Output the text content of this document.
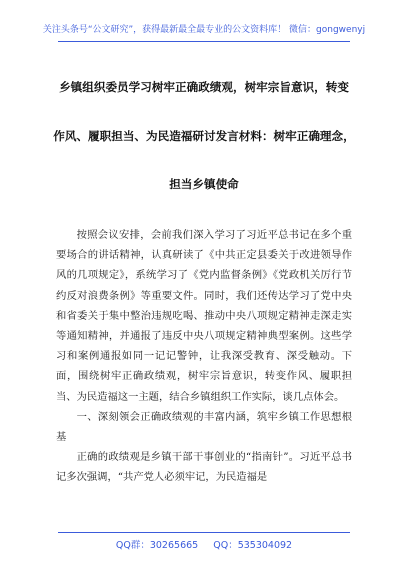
关注头条号“公文研究”，获得最新最全最专业的公文资料库！ 微信：gongwenyj
乡镇组织委员学习树牢正确政绩观，树牢宗旨意识，转变
作风、履职担当、为民造福研讨发言材料：树牢正确理念，
担当乡镇使命

按照会议安排，会前我们深入学习了习近平总书记在多个重要场合的讲话精神，认真研读了《中共正定县委关于改进领导作风的几项规定》，系统学习了《党内监督条例》《党政机关厉行节约反对浪费条例》等重要文件。同时，我们还传达学习了党中央和省委关于集中整治违规吃喝、推动中央八项规定精神走深走实等通知精神，并通报了违反中央八项规定精神典型案例。这些学习和案例通报如同一记记警钟，让我深受教育、深受触动。下面，围绕树牢正确政绩观，树牢宗旨意识，转变作风、履职担当、为民造福这一主题，结合乡镇组织工作实际，谈几点体会。

一、深刻领会正确政绩观的丰富内涵，筑牢乡镇工作思想根基

正确的政绩观是乡镇干部干事创业的“指南针”。习近平总书记多次强调，“共产党人必须牢记，为民造福是

QQ群：30265665 QQ：535304092
